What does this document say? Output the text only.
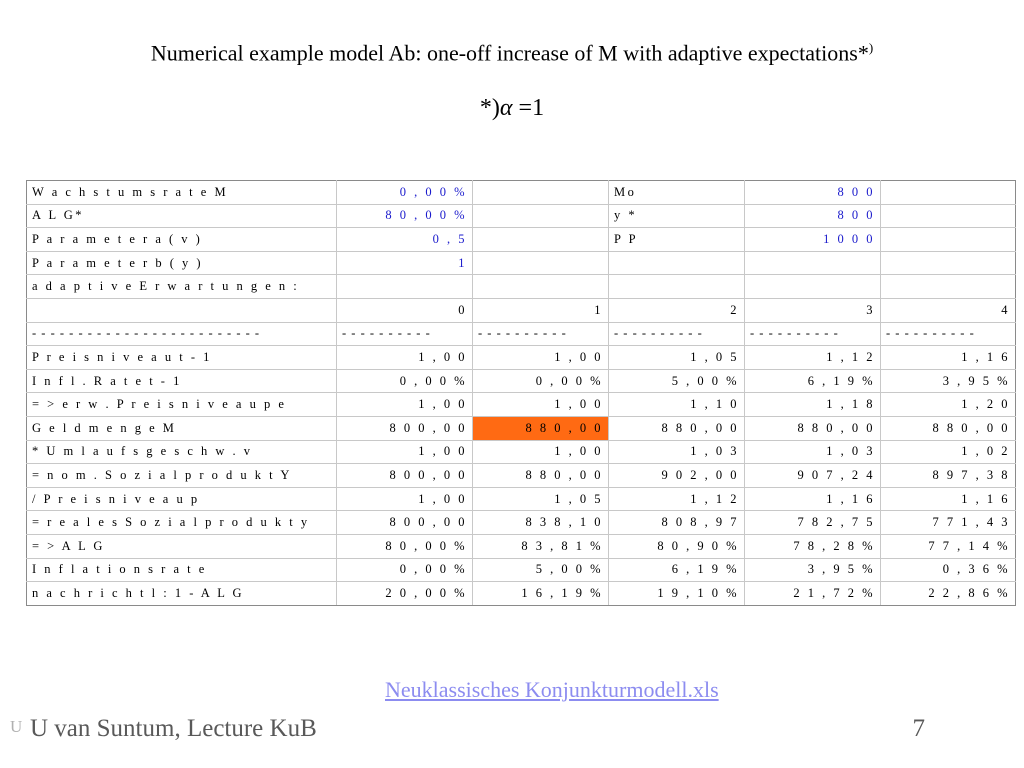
Numerical example model Ab: one-off increase of M with adaptive expectations*)
*)α =1
W a c h s t u m s r a t e M	0 , 0 0 %		Mo	8 0 0	
A L G*	8 0 , 0 0 %		y *	8 0 0	
P a r a m e t e r a ( v )	0 , 5		P P	1 0 0 0	
P a r a m e t e r b ( y )	1				
a d a p t i v e E r w a r t u n g e n :					
	0	1	2	3	4
- - - - - - - - - - - - - - - - - - - - - - - - -	- - - - - - - - - -	- - - - - - - - - -	- - - - - - - - - -	- - - - - - - - - -	- - - - - - - - - -
P r e i s n i v e a u t - 1	1 , 0 0	1 , 0 0	1 , 0 5	1 , 1 2	1 , 1 6
I n f l . R a t e t - 1	0 , 0 0 %	0 , 0 0 %	5 , 0 0 %	6 , 1 9 %	3 , 9 5 %
= > e r w . P r e i s n i v e a u p e	1 , 0 0	1 , 0 0	1 , 1 0	1 , 1 8	1 , 2 0
G e l d m e n g e M	8 0 0 , 0 0	8 8 0 , 0 0	8 8 0 , 0 0	8 8 0 , 0 0	8 8 0 , 0 0
* U m l a u f s g e s c h w . v	1 , 0 0	1 , 0 0	1 , 0 3	1 , 0 3	1 , 0 2
= n o m . S o z i a l p r o d u k t Y	8 0 0 , 0 0	8 8 0 , 0 0	9 0 2 , 0 0	9 0 7 , 2 4	8 9 7 , 3 8
/ P r e i s n i v e a u p	1 , 0 0	1 , 0 5	1 , 1 2	1 , 1 6	1 , 1 6
= r e a l e s S o z i a l p r o d u k t y	8 0 0 , 0 0	8 3 8 , 1 0	8 0 8 , 9 7	7 8 2 , 7 5	7 7 1 , 4 3
= > A L G	8 0 , 0 0 %	8 3 , 8 1 %	8 0 , 9 0 %	7 8 , 2 8 %	7 7 , 1 4 %
I n f l a t i o n s r a t e	0 , 0 0 %	5 , 0 0 %	6 , 1 9 %	3 , 9 5 %	0 , 3 6 %
n a c h r i c h t l : 1 - A L G	2 0 , 0 0 %	1 6 , 1 9 %	1 9 , 1 0 %	2 1 , 7 2 %	2 2 , 8 6 %
Neuklassisches Konjunkturmodell.xls
U U van Suntum, Lecture KuB	7
